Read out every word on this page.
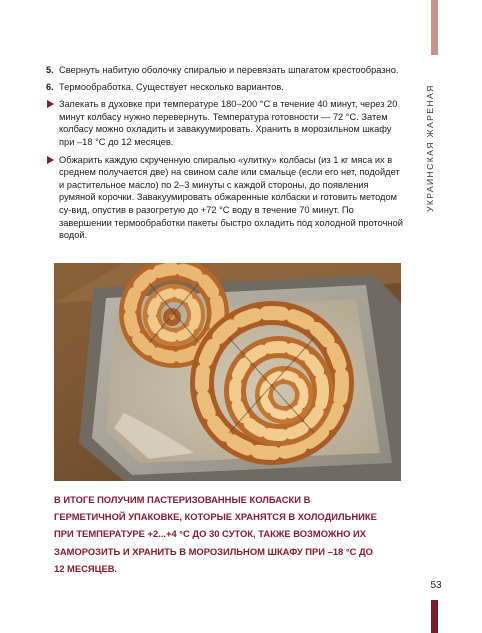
УКРАИНСКАЯ ЖАРЕНАЯ
5. Свернуть набитую оболочку спиралью и перевязать шпагатом крестообразно.
6. Термообработка. Существует несколько вариантов.
Запекать в духовке при температуре 180–200 °С в течение 40 минут, через 20 минут колбасу нужно перевернуть. Температура готовности — 72 °С. Затем колбасу можно охладить и завакуумировать. Хранить в морозильном шкафу при –18 °С до 12 месяцев.
Обжарить каждую скрученную спиралью «улитку» колбасы (из 1 кг мяса их в среднем получается две) на свином сале или смальце (если его нет, подойдет и растительное масло) по 2–3 минуты с каждой стороны, до появления румяной корочки. Завакуумировать обжаренные колбаски и готовить методом су-вид, опустив в разогретую до +72 °С воду в течение 70 минут. По завершении термообработки пакеты быстро охладить под холодной проточной водой.
В ИТОГЕ ПОЛУЧИМ ПАСТЕРИЗОВАННЫЕ КОЛБАСКИ В ГЕРМЕТИЧНОЙ УПАКОВКЕ, КОТОРЫЕ ХРАНЯТСЯ В ХОЛОДИЛЬНИКЕ ПРИ ТЕМПЕРАТУРЕ +2...+4 °С ДО 30 СУТОК, ТАКЖЕ ВОЗМОЖНО ИХ ЗАМОРОЗИТЬ И ХРАНИТЬ В МОРОЗИЛЬНОМ ШКАФУ ПРИ –18 °С ДО 12 МЕСЯЦЕВ.
53
